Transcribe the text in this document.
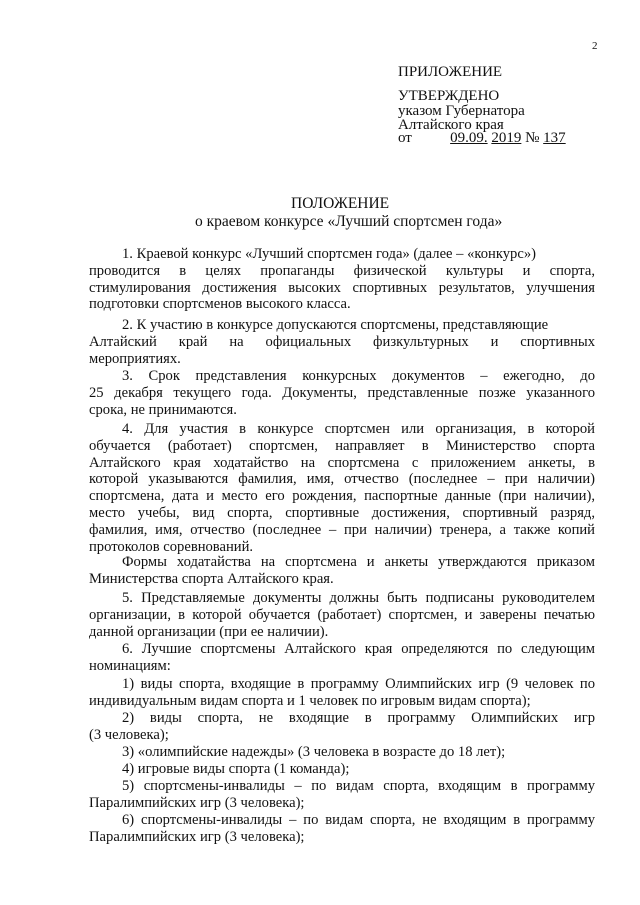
2
ПРИЛОЖЕНИЕ
УТВЕРЖДЕНО
указом Губернатора
Алтайского края
от	09.09. 2019 № 137
ПОЛОЖЕНИЕ
о краевом конкурсе «Лучший спортсмен года»
1. Краевой конкурс «Лучший спортсмен года» (далее – «конкурс»)
проводится в целях пропаганды физической культуры и спорта,
стимулирования достижения высоких спортивных результатов, улучшения
подготовки спортсменов высокого класса.
2. К участию в конкурсе допускаются спортсмены, представляющие
Алтайский край на официальных физкультурных и спортивных
мероприятиях.
3. Срок представления конкурсных документов – ежегодно, до
25 декабря текущего года. Документы, представленные позже указанного
срока, не принимаются.
4. Для участия в конкурсе спортсмен или организация, в которой
обучается (работает) спортсмен, направляет в Министерство спорта
Алтайского края ходатайство на спортсмена с приложением анкеты, в
которой указываются фамилия, имя, отчество (последнее – при наличии)
спортсмена, дата и место его рождения, паспортные данные (при наличии),
место учебы, вид спорта, спортивные достижения, спортивный разряд,
фамилия, имя, отчество (последнее – при наличии) тренера, а также копий
протоколов соревнований.
Формы ходатайства на спортсмена и анкеты утверждаются приказом
Министерства спорта Алтайского края.
5. Представляемые документы должны быть подписаны руководителем
организации, в которой обучается (работает) спортсмен, и заверены печатью
данной организации (при ее наличии).
6. Лучшие спортсмены Алтайского края определяются по следующим
номинациям:
1) виды спорта, входящие в программу Олимпийских игр (9 человек по
индивидуальным видам спорта и 1 человек по игровым видам спорта);
2) виды спорта, не входящие в программу Олимпийских игр
(3 человека);
3) «олимпийские надежды» (3 человека в возрасте до 18 лет);
4) игровые виды спорта (1 команда);
5) спортсмены-инвалиды – по видам спорта, входящим в программу
Паралимпийских игр (3 человека);
6) спортсмены-инвалиды – по видам спорта, не входящим в программу
Паралимпийских игр (3 человека);
